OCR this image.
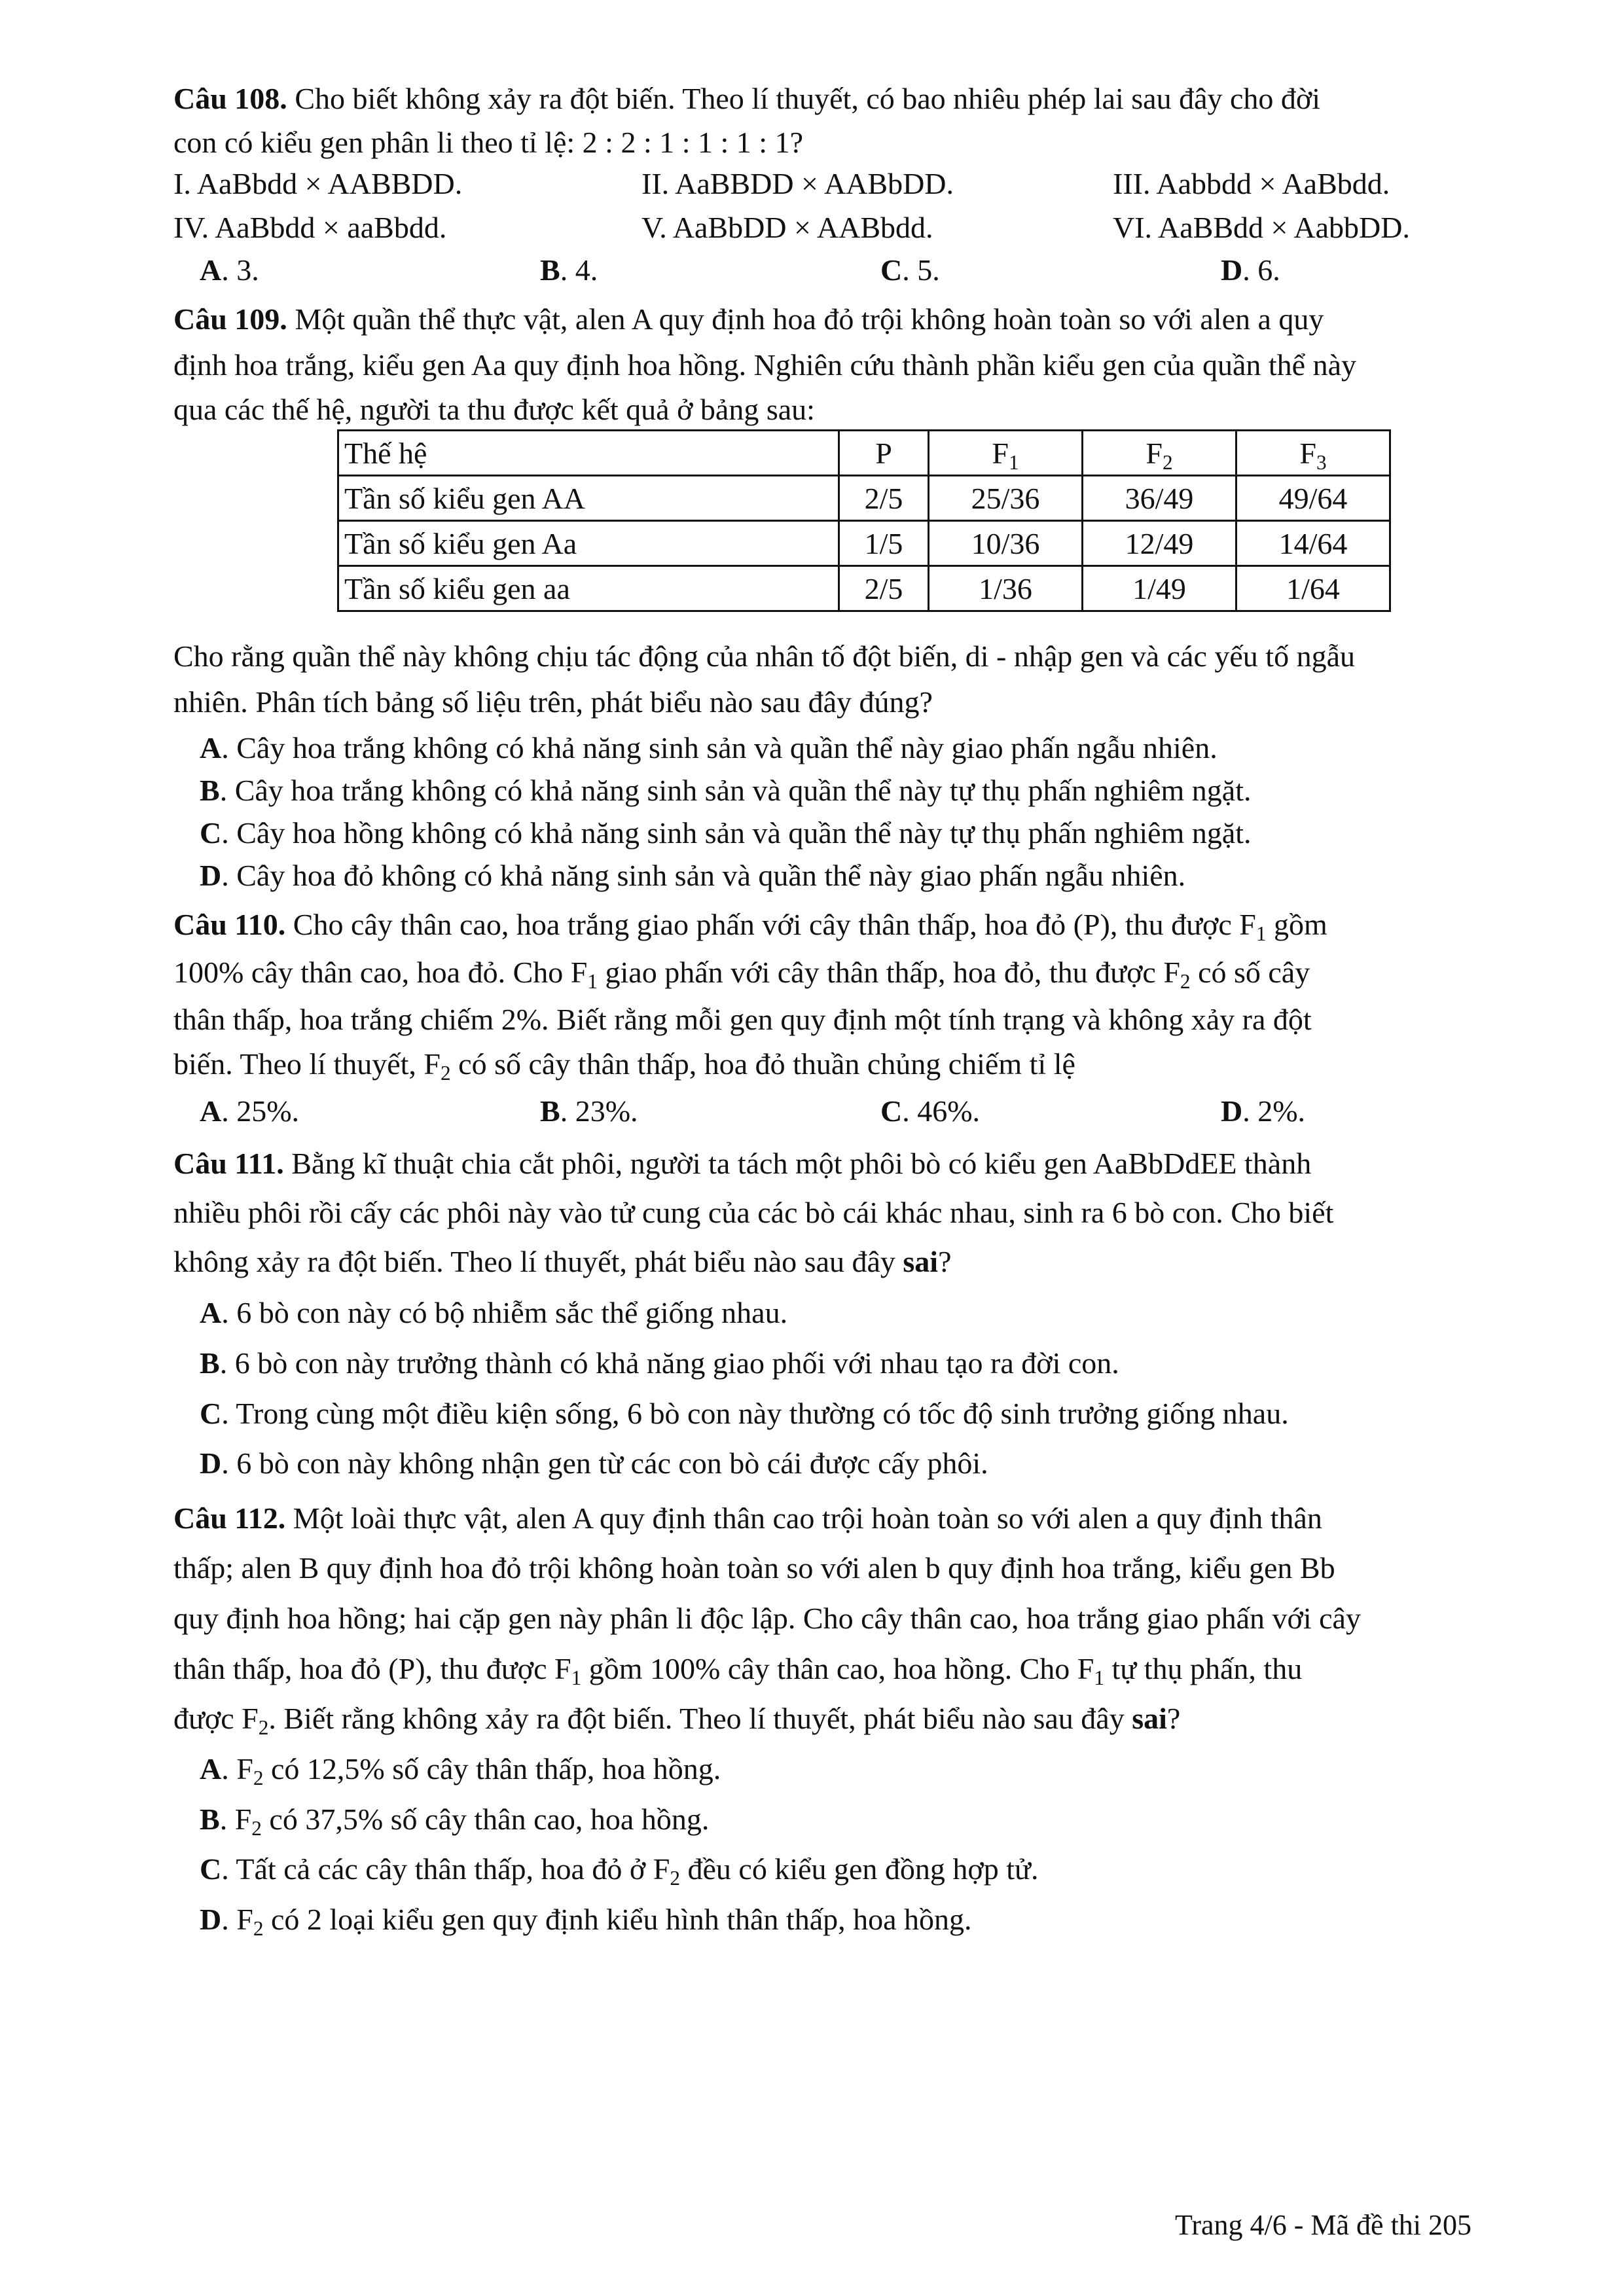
Câu 108. Cho biết không xảy ra đột biến. Theo lí thuyết, có bao nhiêu phép lai sau đây cho đời
con có kiểu gen phân li theo tỉ lệ: 2 : 2 : 1 : 1 : 1 : 1?
I. AaBbdd × AABBDD.	II. AaBBDD × AABbDD.	III. Aabbdd × AaBbdd.
IV. AaBbdd × aaBbdd.	V. AaBbDD × AABbdd.	VI. AaBBdd × AabbDD.
A. 3.	B. 4.	C. 5.	D. 6.
Câu 109. Một quần thể thực vật, alen A quy định hoa đỏ trội không hoàn toàn so với alen a quy
định hoa trắng, kiểu gen Aa quy định hoa hồng. Nghiên cứu thành phần kiểu gen của quần thể này
qua các thế hệ, người ta thu được kết quả ở bảng sau:
Thế hệ	P	$F_1$	$F_2$	$F_3$
Tần số kiểu gen AA	2/5	25/36	36/49	49/64
Tần số kiểu gen Aa	1/5	10/36	12/49	14/64
Tần số kiểu gen aa	2/5	1/36	1/49	1/64
Cho rằng quần thể này không chịu tác động của nhân tố đột biến, di - nhập gen và các yếu tố ngẫu
nhiên. Phân tích bảng số liệu trên, phát biểu nào sau đây đúng?
A. Cây hoa trắng không có khả năng sinh sản và quần thể này giao phấn ngẫu nhiên.
B. Cây hoa trắng không có khả năng sinh sản và quần thể này tự thụ phấn nghiêm ngặt.
C. Cây hoa hồng không có khả năng sinh sản và quần thể này tự thụ phấn nghiêm ngặt.
D. Cây hoa đỏ không có khả năng sinh sản và quần thể này giao phấn ngẫu nhiên.
Câu 110. Cho cây thân cao, hoa trắng giao phấn với cây thân thấp, hoa đỏ (P), thu được $F_1$ gồm
100% cây thân cao, hoa đỏ. Cho $F_1$ giao phấn với cây thân thấp, hoa đỏ, thu được $F_2$ có số cây
thân thấp, hoa trắng chiếm 2%. Biết rằng mỗi gen quy định một tính trạng và không xảy ra đột
biến. Theo lí thuyết, $F_2$ có số cây thân thấp, hoa đỏ thuần chủng chiếm tỉ lệ
A. 25%.	B. 23%.	C. 46%.	D. 2%.
Câu 111. Bằng kĩ thuật chia cắt phôi, người ta tách một phôi bò có kiểu gen AaBbDdEE thành
nhiều phôi rồi cấy các phôi này vào tử cung của các bò cái khác nhau, sinh ra 6 bò con. Cho biết
không xảy ra đột biến. Theo lí thuyết, phát biểu nào sau đây sai?
A. 6 bò con này có bộ nhiễm sắc thể giống nhau.
B. 6 bò con này trưởng thành có khả năng giao phối với nhau tạo ra đời con.
C. Trong cùng một điều kiện sống, 6 bò con này thường có tốc độ sinh trưởng giống nhau.
D. 6 bò con này không nhận gen từ các con bò cái được cấy phôi.
Câu 112. Một loài thực vật, alen A quy định thân cao trội hoàn toàn so với alen a quy định thân
thấp; alen B quy định hoa đỏ trội không hoàn toàn so với alen b quy định hoa trắng, kiểu gen Bb
quy định hoa hồng; hai cặp gen này phân li độc lập. Cho cây thân cao, hoa trắng giao phấn với cây
thân thấp, hoa đỏ (P), thu được $F_1$ gồm 100% cây thân cao, hoa hồng. Cho $F_1$ tự thụ phấn, thu
được $F_2$. Biết rằng không xảy ra đột biến. Theo lí thuyết, phát biểu nào sau đây sai?
A. $F_2$ có 12,5% số cây thân thấp, hoa hồng.
B. $F_2$ có 37,5% số cây thân cao, hoa hồng.
C. Tất cả các cây thân thấp, hoa đỏ ở $F_2$ đều có kiểu gen đồng hợp tử.
D. $F_2$ có 2 loại kiểu gen quy định kiểu hình thân thấp, hoa hồng.
Trang 4/6 - Mã đề thi 205
